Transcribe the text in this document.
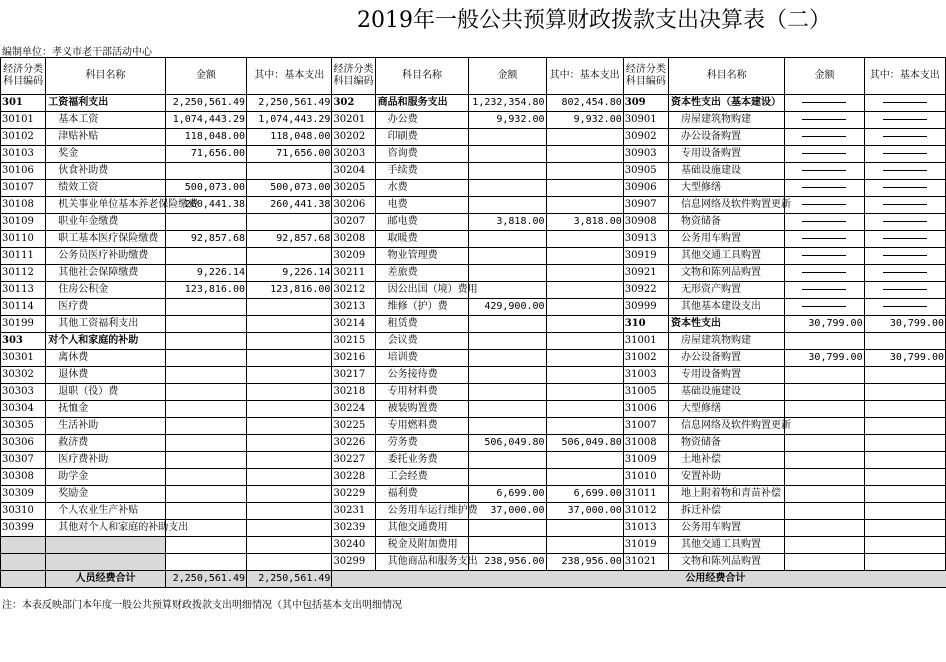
2019年一般公共预算财政拨款支出决算表（二）
编制单位：孝义市老干部活动中心
经济分类科目编码	科目名称	金额	其中：基本支出	经济分类科目编码	科目名称	金额	其中：基本支出	经济分类科目编码	科目名称	金额	其中：基本支出
301	工资福利支出	2,250,561.49	2,250,561.49	302	商品和服务支出	1,232,354.80	802,454.80	309	资本性支出（基本建设）		
30101	基本工资	1,074,443.29	1,074,443.29	30201	办公费	9,932.00	9,932.00	30901	房屋建筑物购建		
30102	津贴补贴	118,048.00	118,048.00	30202	印刷费			30902	办公设备购置		
30103	奖金	71,656.00	71,656.00	30203	咨询费			30903	专用设备购置		
30106	伙食补助费			30204	手续费			30905	基础设施建设		
30107	绩效工资	500,073.00	500,073.00	30205	水费			30906	大型修缮		
30108	机关事业单位基本养老保险缴费	260,441.38	260,441.38	30206	电费			30907	信息网络及软件购置更新		
30109	职业年金缴费			30207	邮电费	3,818.00	3,818.00	30908	物资储备		
30110	职工基本医疗保险缴费	92,857.68	92,857.68	30208	取暖费			30913	公务用车购置		
30111	公务员医疗补助缴费			30209	物业管理费			30919	其他交通工具购置		
30112	其他社会保障缴费	9,226.14	9,226.14	30211	差旅费			30921	文物和陈列品购置		
30113	住房公积金	123,816.00	123,816.00	30212	因公出国（境）费用			30922	无形资产购置		
30114	医疗费			30213	维修（护）费	429,900.00		30999	其他基本建设支出		
30199	其他工资福利支出			30214	租赁费			310	资本性支出	30,799.00	30,799.00
303	对个人和家庭的补助			30215	会议费			31001	房屋建筑物购建		
30301	离休费			30216	培训费			31002	办公设备购置	30,799.00	30,799.00
30302	退休费			30217	公务接待费			31003	专用设备购置		
30303	退职（役）费			30218	专用材料费			31005	基础设施建设		
30304	抚恤金			30224	被装购置费			31006	大型修缮		
30305	生活补助			30225	专用燃料费			31007	信息网络及软件购置更新		
30306	救济费			30226	劳务费	506,049.80	506,049.80	31008	物资储备		
30307	医疗费补助			30227	委托业务费			31009	土地补偿		
30308	助学金			30228	工会经费			31010	安置补助		
30309	奖励金			30229	福利费	6,699.00	6,699.00	31011	地上附着物和青苗补偿		
30310	个人农业生产补贴			30231	公务用车运行维护费	37,000.00	37,000.00	31012	拆迁补偿		
30399	其他对个人和家庭的补助支出			30239	其他交通费用			31013	公务用车购置		
				30240	税金及附加费用			31019	其他交通工具购置		
				30299	其他商品和服务支出	238,956.00	238,956.00	31021	文物和陈列品购置		
	人员经费合计	2,250,561.49	2,250,561.49					公用经费合计			
注：本表反映部门本年度一般公共预算财政拨款支出明细情况（其中包括基本支出明细情况
